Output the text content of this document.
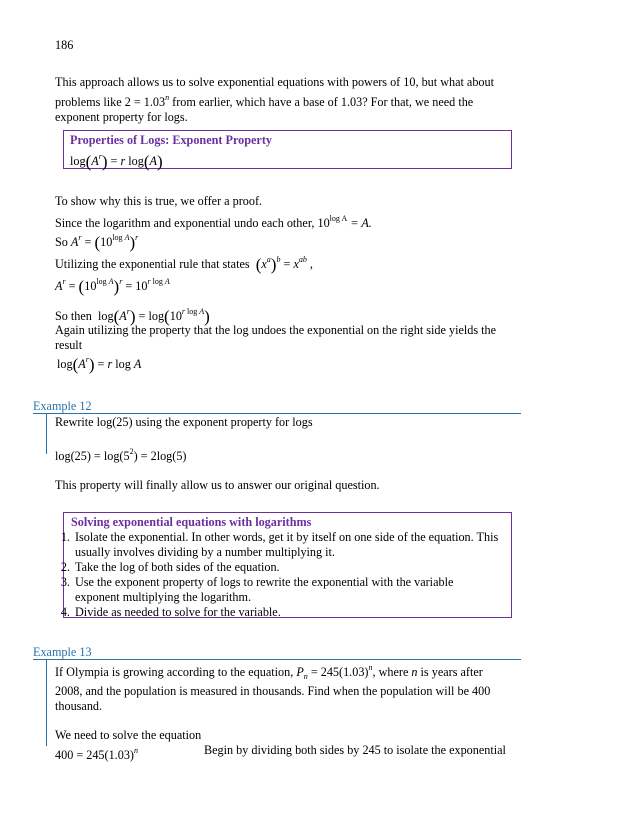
186
This approach allows us to solve exponential equations with powers of 10, but what about
problems like $2 = 1.03^n$ from earlier, which have a base of 1.03? For that, we need the
exponent property for logs.
Properties of Logs: Exponent Property
$\log(A^r) = r$ log(A)
To show why this is true, we offer a proof.
Since the logarithm and exponential undo each other, $10^{log A} = A$.
So $A^r = (10^{log A})^r$
Utilizing the exponential rule that states $(x^a)^b = x^{ab}$ ,
$A^r = (10^{log A})^r = 10^{r log A}$
So then  $\log(A^r) = \log(10^{r log A})$
Again utilizing the property that the log undoes the exponential on the right side yields the
result
$\log(A^r) = r$ log A
Example 12
Rewrite log(25) using the exponent property for logs
$\log(25) = \log(5^2) = 2\log(5)$
This property will finally allow us to answer our original question.
Solving exponential equations with logarithms
1. Isolate the exponential. In other words, get it by itself on one side of the equation. This usually involves dividing by a number multiplying it.
2. Take the log of both sides of the equation.
3. Use the exponent property of logs to rewrite the exponential with the variable exponent multiplying the logarithm.
4. Divide as needed to solve for the variable.
Example 13
If Olympia is growing according to the equation, $P_n = 245(1.03)^n$, where n is years after
2008, and the population is measured in thousands. Find when the population will be 400
thousand.
We need to solve the equation
$400 = 245(1.03)^n$	Begin by dividing both sides by 245 to isolate the exponential
